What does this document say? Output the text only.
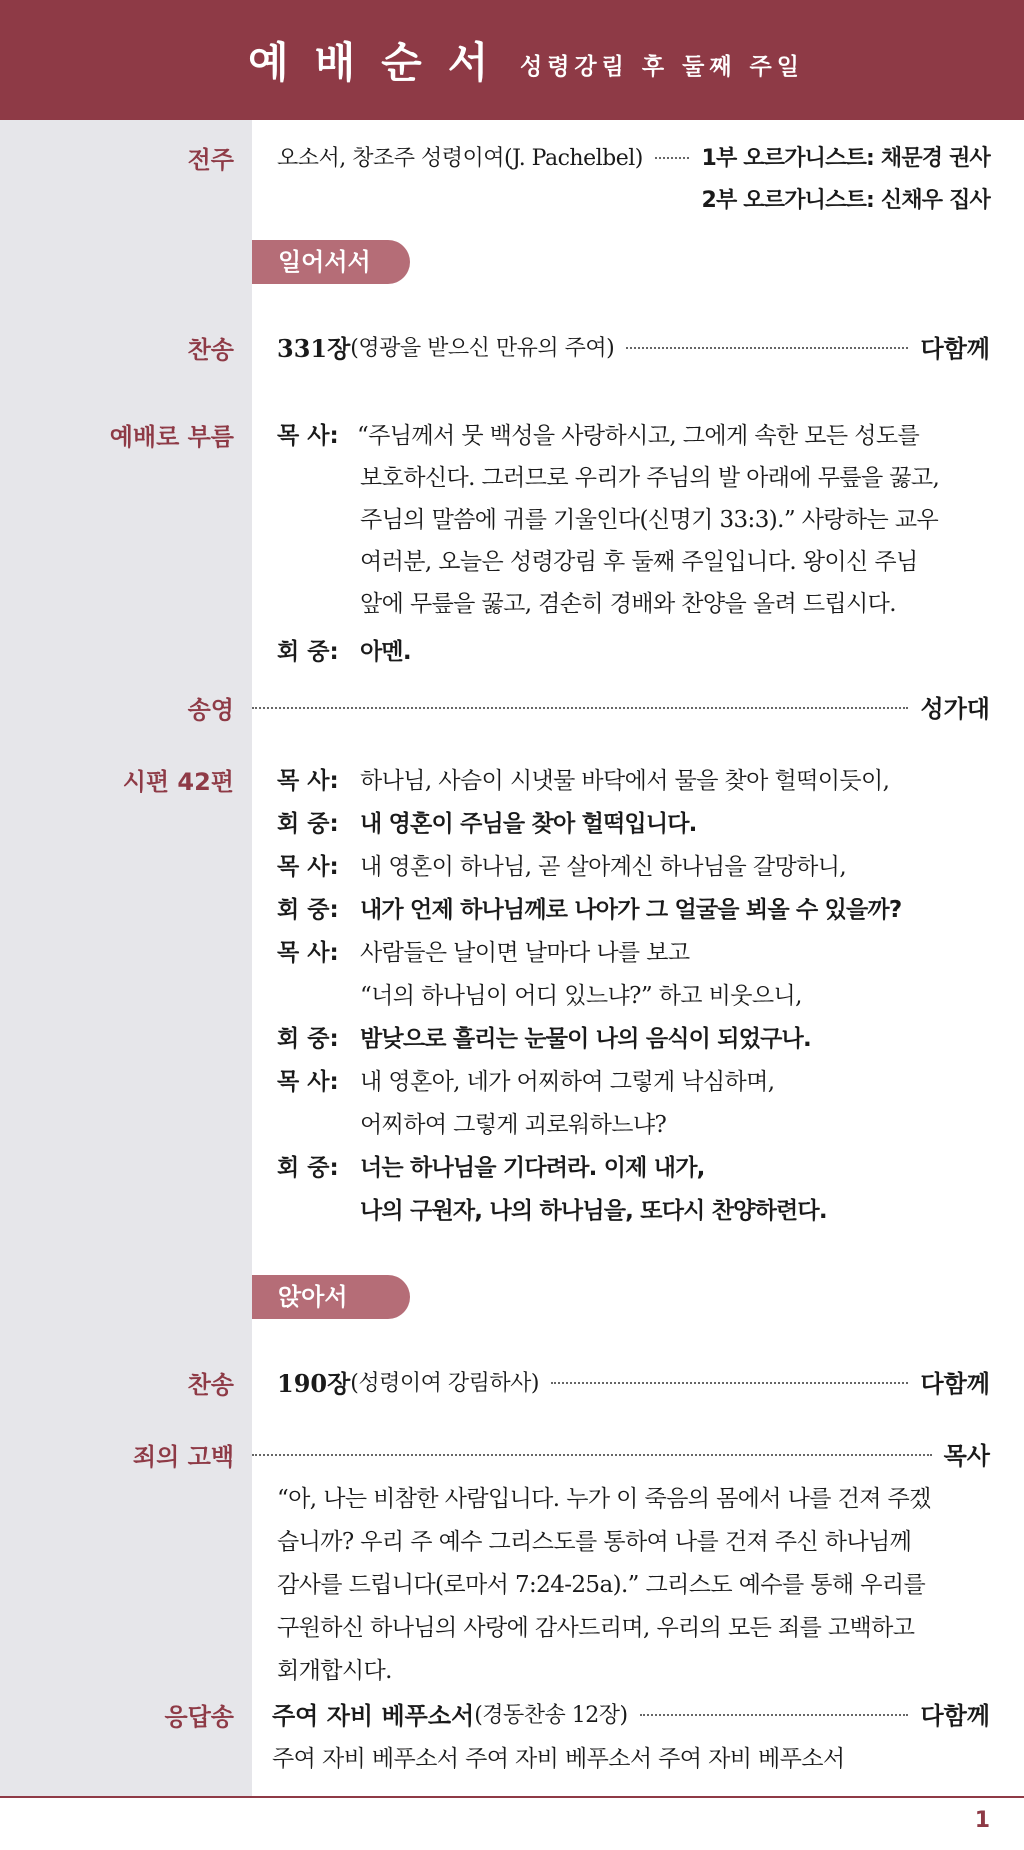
예배순서 성령강림 후 둘째 주일
전주 오소서, 창조주 성령이여(J. Pachelbel)	1부 오르가니스트: 채문경 권사
2부 오르가니스트: 신채우 집사
일어서서
찬송 331장 (영광을 받으신 만유의 주여)	다함께
예배로 부름 목 사: “주님께서 뭇 백성을 사랑하시고, 그에게 속한 모든 성도를
보호하신다. 그러므로 우리가 주님의 발 아래에 무릎을 꿇고,
주님의 말씀에 귀를 기울인다(신명기 33:3).” 사랑하는 교우
여러분, 오늘은 성령강림 후 둘째 주일입니다. 왕이신 주님
앞에 무릎을 꿇고, 겸손히 경배와 찬양을 올려 드립시다.
회 중: 아멘.
송영	성가대
시편 42편 목 사: 하나님, 사슴이 시냇물 바닥에서 물을 찾아 헐떡이듯이,
회 중: 내 영혼이 주님을 찾아 헐떡입니다.
목 사: 내 영혼이 하나님, 곧 살아계신 하나님을 갈망하니,
회 중: 내가 언제 하나님께로 나아가 그 얼굴을 뵈올 수 있을까?
목 사: 사람들은 날이면 날마다 나를 보고
“너의 하나님이 어디 있느냐?” 하고 비웃으니,
회 중: 밤낮으로 흘리는 눈물이 나의 음식이 되었구나.
목 사: 내 영혼아, 네가 어찌하여 그렇게 낙심하며,
어찌하여 그렇게 괴로워하느냐?
회 중: 너는 하나님을 기다려라. 이제 내가,
나의 구원자, 나의 하나님을, 또다시 찬양하련다.
앉아서
찬송 190장 (성령이여 강림하사)	다함께
죄의 고백	목사
“아, 나는 비참한 사람입니다. 누가 이 죽음의 몸에서 나를 건져 주겠
습니까? 우리 주 예수 그리스도를 통하여 나를 건져 주신 하나님께
감사를 드립니다(로마서 7:24-25a).” 그리스도 예수를 통해 우리를
구원하신 하나님의 사랑에 감사드리며, 우리의 모든 죄를 고백하고
회개합시다.
응답송 주여 자비 베푸소서 (경동찬송 12장)	다함께
주여 자비 베푸소서 주여 자비 베푸소서 주여 자비 베푸소서
1
